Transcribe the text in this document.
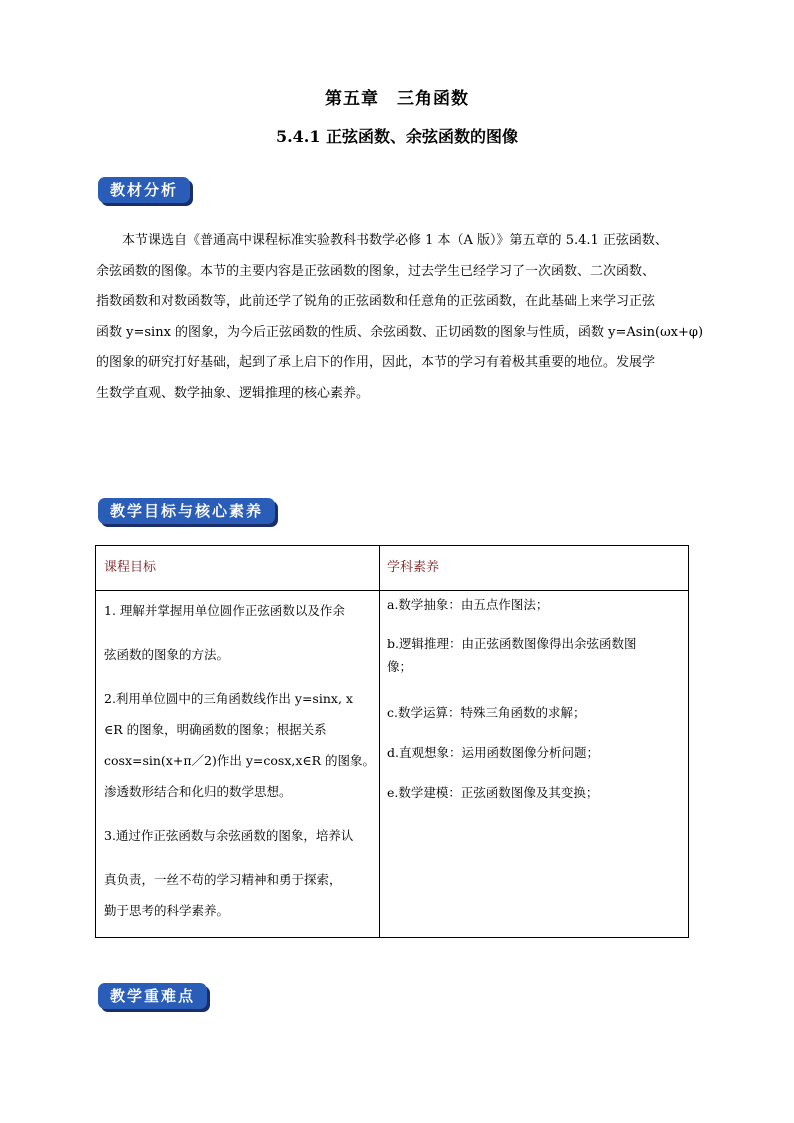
第五章　三角函数
5.4.1 正弦函数、余弦函数的图像
教材分析
　　本节课选自《普通高中课程标准实验教科书数学必修 1 本（A 版）》第五章的 5.4.1 正弦函数、
余弦函数的图像。本节的主要内容是正弦函数的图象，过去学生已经学习了一次函数、二次函数、
指数函数和对数函数等，此前还学了锐角的正弦函数和任意角的正弦函数，在此基础上来学习正弦
函数 y=sinx 的图象，为今后正弦函数的性质、余弦函数、正切函数的图象与性质，函数 y=Asin(ωx+φ)
的图象的研究打好基础，起到了承上启下的作用，因此，本节的学习有着极其重要的地位。发展学
生数学直观、数学抽象、逻辑推理的核心素养。
教学目标与核心素养
课程目标	学科素养
1. 理解并掌握用单位圆作正弦函数以及作余
弦函数的图象的方法。
2.利用单位圆中的三角函数线作出 y=sinx, x
∈R 的图象，明确函数的图象；根据关系
cosx=sin(x+π／2)作出 y=cosx,x∈R 的图象。
渗透数形结合和化归的数学思想。
3.通过作正弦函数与余弦函数的图象，培养认
真负责，一丝不苟的学习精神和勇于探索，
勤于思考的科学素养。
a.数学抽象：由五点作图法；
b.逻辑推理：由正弦函数图像得出余弦函数图
像；
c.数学运算：特殊三角函数的求解；
d.直观想象：运用函数图像分析问题；
e.数学建模：正弦函数图像及其变换；
教学重难点
